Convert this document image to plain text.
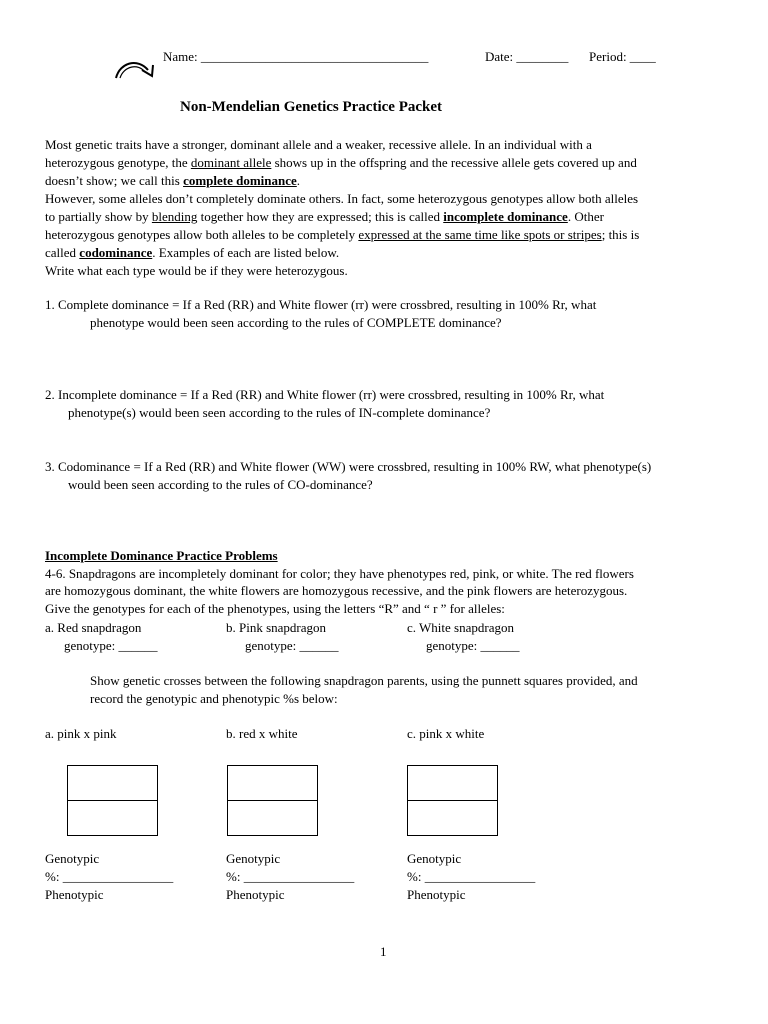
Name: ___________________________________	Date: ________ Period: ____
Non-Mendelian Genetics Practice Packet
Most genetic traits have a stronger, dominant allele and a weaker, recessive allele. In an individual with a
heterozygous genotype, the dominant allele shows up in the offspring and the recessive allele gets covered up and
doesn’t show; we call this complete dominance.
However, some alleles don’t completely dominate others. In fact, some heterozygous genotypes allow both alleles
to partially show by blending together how they are expressed; this is called incomplete dominance. Other
heterozygous genotypes allow both alleles to be completely expressed at the same time like spots or stripes; this is
called codominance. Examples of each are listed below.
Write what each type would be if they were heterozygous.
1. Complete dominance = If a Red (RR) and White flower (rr) were crossbred, resulting in 100% Rr, what
phenotype would been seen according to the rules of COMPLETE dominance?
2. Incomplete dominance = If a Red (RR) and White flower (rr) were crossbred, resulting in 100% Rr, what
phenotype(s) would been seen according to the rules of IN-complete dominance?
3. Codominance = If a Red (RR) and White flower (WW) were crossbred, resulting in 100% RW, what phenotype(s)
would been seen according to the rules of CO-dominance?
Incomplete Dominance Practice Problems
4-6. Snapdragons are incompletely dominant for color; they have phenotypes red, pink, or white. The red flowers
are homozygous dominant, the white flowers are homozygous recessive, and the pink flowers are heterozygous.
Give the genotypes for each of the phenotypes, using the letters “R” and “ r ” for alleles:
a. Red snapdragon	b. Pink snapdragon	c. White snapdragon
genotype: ______	genotype: ______	genotype: ______
Show genetic crosses between the following snapdragon parents, using the punnett squares provided, and
record the genotypic and phenotypic %s below:
a. pink x pink	b. red x white	c. pink x white
Genotypic
%: _________________
Phenotypic
Genotypic
%: _________________
Phenotypic
Genotypic
%: _________________
Phenotypic
1
